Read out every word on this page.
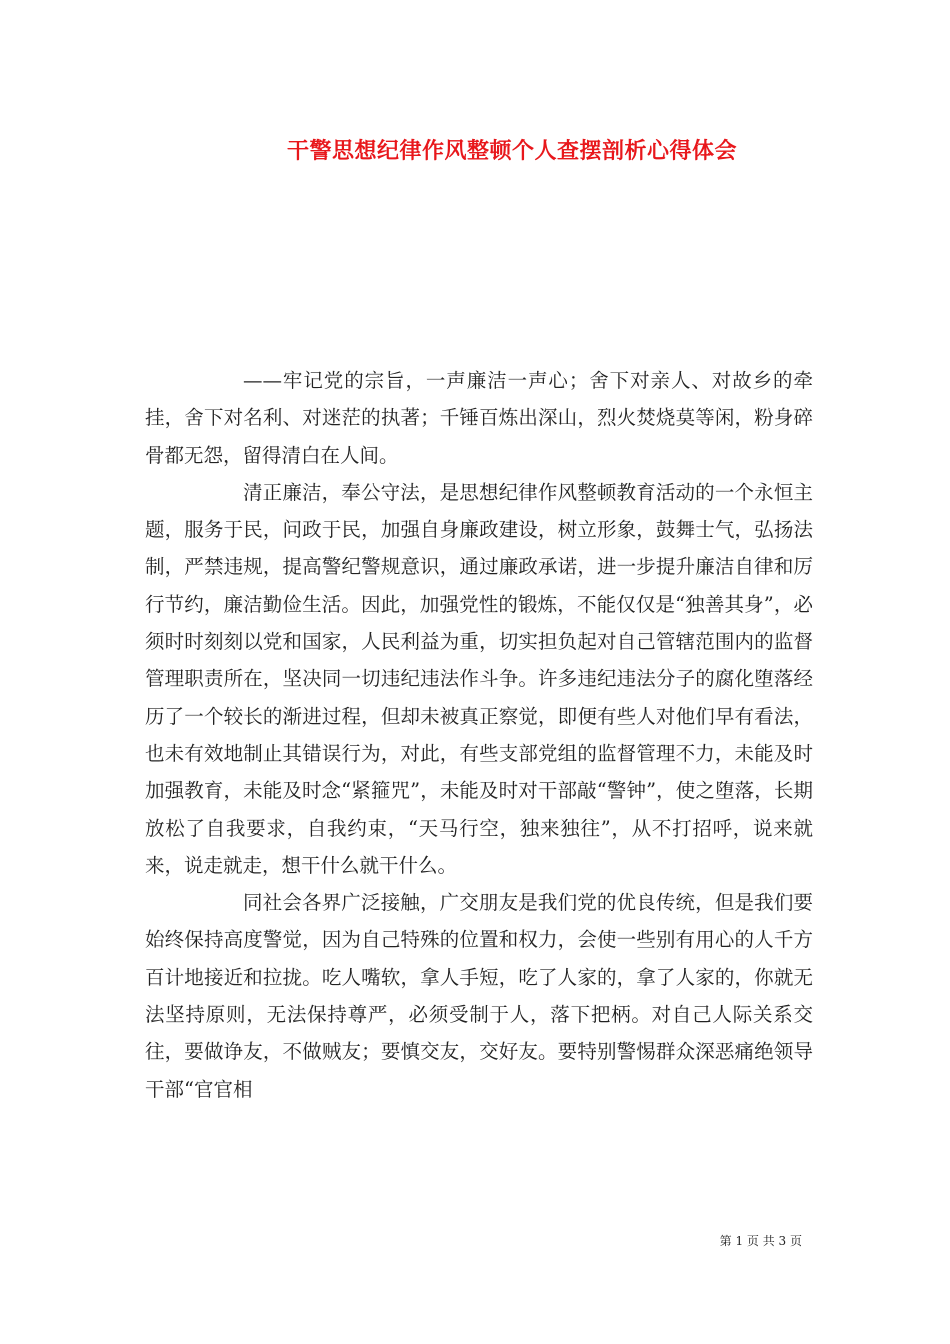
干警思想纪律作风整顿个人查摆剖析心得体会

——牢记党的宗旨，一声廉洁一声心；舍下对亲人、对故乡的牵挂，舍下对名利、对迷茫的执著；千锤百炼出深山，烈火焚烧莫等闲，粉身碎骨都无怨，留得清白在人间。

清正廉洁，奉公守法，是思想纪律作风整顿教育活动的一个永恒主题，服务于民，问政于民，加强自身廉政建设，树立形象，鼓舞士气，弘扬法制，严禁违规，提高警纪警规意识，通过廉政承诺，进一步提升廉洁自律和厉行节约，廉洁勤俭生活。因此，加强党性的锻炼，不能仅仅是“独善其身”，必须时时刻刻以党和国家，人民利益为重，切实担负起对自己管辖范围内的监督管理职责所在，坚决同一切违纪违法作斗争。许多违纪违法分子的腐化堕落经历了一个较长的渐进过程，但却未被真正察觉，即便有些人对他们早有看法，也未有效地制止其错误行为，对此，有些支部党组的监督管理不力，未能及时加强教育，未能及时念“紧箍咒”，未能及时对干部敲“警钟”，使之堕落，长期放松了自我要求，自我约束，“天马行空，独来独往”，从不打招呼，说来就来，说走就走，想干什么就干什么。

同社会各界广泛接触，广交朋友是我们党的优良传统，但是我们要始终保持高度警觉，因为自己特殊的位置和权力，会使一些别有用心的人千方百计地接近和拉拢。吃人嘴软，拿人手短，吃了人家的，拿了人家的，你就无法坚持原则，无法保持尊严，必须受制于人，落下把柄。对自己人际关系交往，要做诤友，不做贼友；要慎交友，交好友。要特别警惕群众深恶痛绝领导干部“官官相

第 1 页 共 3 页
